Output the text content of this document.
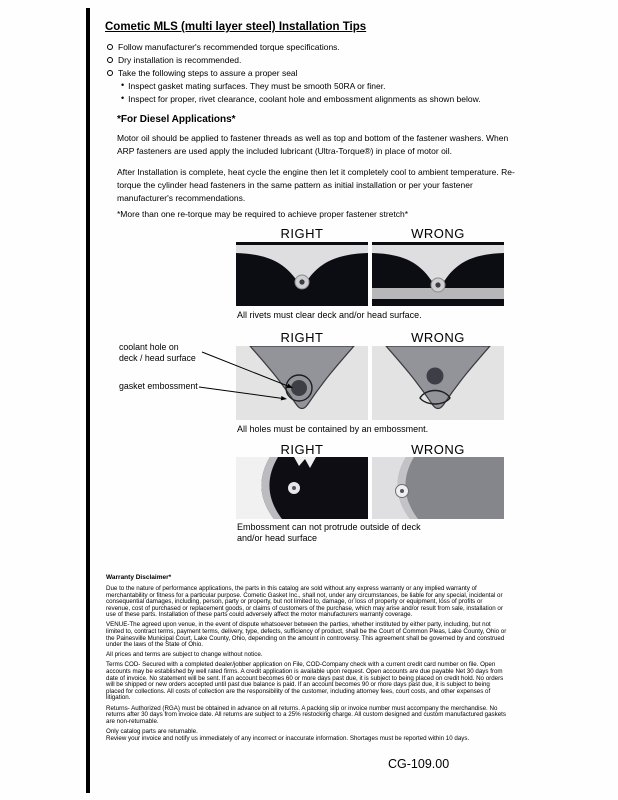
Cometic MLS (multi layer steel) Installation Tips
Follow manufacturer's recommended torque specifications.
Dry installation is recommended.
Take the following steps to assure a proper seal
• Inspect gasket mating surfaces. They must be smooth 50RA or finer.
• Inspect for proper, rivet clearance, coolant hole and embossment alignments as shown below.
*For Diesel Applications*

Motor oil should be applied to fastener threads as well as top and bottom of the fastener washers. When ARP fasteners are used apply the included lubricant (Ultra-Torque®) in place of motor oil.

After Installation is complete, heat cycle the engine then let it completely cool to ambient temperature. Re-torque the cylinder head fasteners in the same pattern as initial installation or per your fastener manufacturer's recommendations.

*More than one re-torque may be required to achieve proper fastener stretch*

RIGHT	WRONG
All rivets must clear deck and/or head surface.
RIGHT	WRONG
coolant hole on
deck / head surface
gasket embossment
All holes must be contained by an embossment.
RIGHT	WRONG
Embossment can not protrude outside of deck
and/or head surface
Warranty Disclaimer*

Due to the nature of performance applications, the parts in this catalog are sold without any express warranty or any implied warranty of merchantability or fitness for a particular purpose. Cometic Gasket Inc., shall not, under any circumstances, be liable for any special, incidental or consequential damages, including, person, party or property, but not limited to, damage, or loss of property or equipment, loss of profits or revenue, cost of purchased or replacement goods, or claims of customers of the purchase, which may arise and/or result from sale, installation or use of these parts. Installation of these parts could adversely affect the motor manufacturers warranty coverage.

VENUE-The agreed upon venue, in the event of dispute whatsoever between the parties, whether instituted by either party, including, but not limited to, contract terms, payment terms, delivery, type, defects, sufficiency of product, shall be the Court of Common Pleas, Lake County, Ohio or the Painesville Municipal Court, Lake County, Ohio, depending on the amount in controversy. This agreement shall be governed by and construed under the laws of the State of Ohio.

All prices and terms are subject to change without notice.

Terms COD- Secured with a completed dealer/jobber application on File, COD-Company check with a current credit card number on file. Open accounts may be established by well rated firms. A credit application is available upon request. Open accounts are due payable Net 30 days from date of invoice. No statement will be sent. If an account becomes 60 or more days past due, it is subject to being placed on credit hold. No orders will be shipped or new orders accepted until past due balance is paid. If an account becomes 90 or more days past due, it is subject to being placed for collections. All costs of collection are the responsibility of the customer, including attorney fees, court costs, and other expenses of litigation.

Returns- Authorized (RGA) must be obtained in advance on all returns. A packing slip or invoice number must accompany the merchandise. No returns after 30 days from invoice date. All returns are subject to a 25% restocking charge. All custom designed and custom manufactured gaskets are non-returnable.

Only catalog parts are returnable.

Review your invoice and notify us immediately of any incorrect or inaccurate information. Shortages must be reported within 10 days.

CG-109.00
